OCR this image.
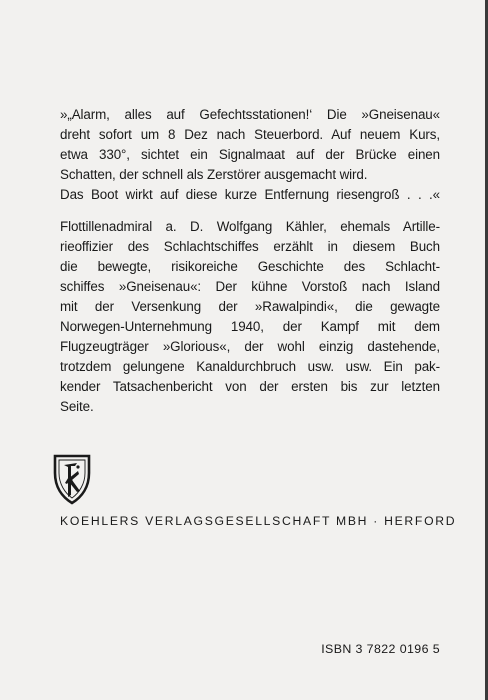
»„Alarm, alles auf Gefechtsstationen!‘ Die »Gneisenau«
dreht sofort um 8 Dez nach Steuerbord. Auf neuem Kurs,
etwa 330°, sichtet ein Signalmaat auf der Brücke einen
Schatten, der schnell als Zerstörer ausgemacht wird.
Das Boot wirkt auf diese kurze Entfernung riesengroß . . .«

Flottillenadmiral a. D. Wolfgang Kähler, ehemals Artille-
rieoffizier des Schlachtschiffes erzählt in diesem Buch
die bewegte, risikoreiche Geschichte des Schlacht-
schiffes »Gneisenau«: Der kühne Vorstoß nach Island
mit der Versenkung der »Rawalpindi«, die gewagte
Norwegen-Unternehmung 1940, der Kampf mit dem
Flugzeugträger »Glorious«, der wohl einzig dastehende,
trotzdem gelungene Kanaldurchbruch usw. usw. Ein pak-
kender Tatsachenbericht von der ersten bis zur letzten
Seite.

KOEHLERS VERLAGSGESELLSCHAFT MBH · HERFORD
ISBN 3 7822 0196 5
